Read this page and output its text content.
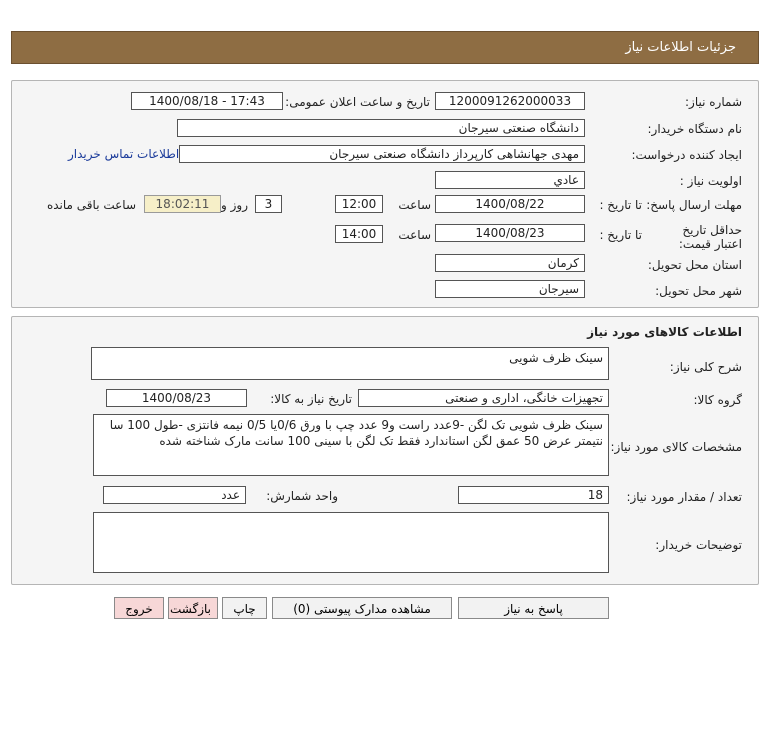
جزئیات اطلاعات نیاز
شماره نیاز:
1200091262000033
تاریخ و ساعت اعلان عمومی:
1400/08/18 - 17:43
نام دستگاه خریدار:
دانشگاه صنعتی سیرجان
ایجاد کننده درخواست:
مهدی جهانشاهی کارپرداز دانشگاه صنعتی سیرجان
اطلاعات تماس خریدار
اولویت نیاز :
عادي
مهلت ارسال پاسخ:
تا تاریخ :
1400/08/22
ساعت
12:00
3
روز و
18:02:11
ساعت باقی مانده
حداقل تاریخ اعتبار قیمت:
تا تاریخ :
1400/08/23
ساعت
14:00
استان محل تحویل:
کرمان
شهر محل تحویل:
سیرجان
اطلاعات کالاهای مورد نیاز
شرح کلی نیاز:
سینک ظرف شویی
گروه کالا:
تجهیزات خانگی، اداری و صنعتی
تاریخ نیاز به کالا:
1400/08/23
مشخصات کالای مورد نیاز:
سینک ظرف شویی تک لگن -9عدد راست و9 عدد چپ با ورق 0/6یا 0/5 نیمه فانتزی -طول 100 سا نتیمتر عرض 50 عمق لگن استاندارد فقط تک لگن با سینی 100 سانت مارک شناخته شده
تعداد / مقدار مورد نیاز:
18
واحد شمارش:
عدد
توضیحات خریدار:
پاسخ به نیاز
مشاهده مدارک پیوستی (0)
چاپ
بازگشت
خروج
